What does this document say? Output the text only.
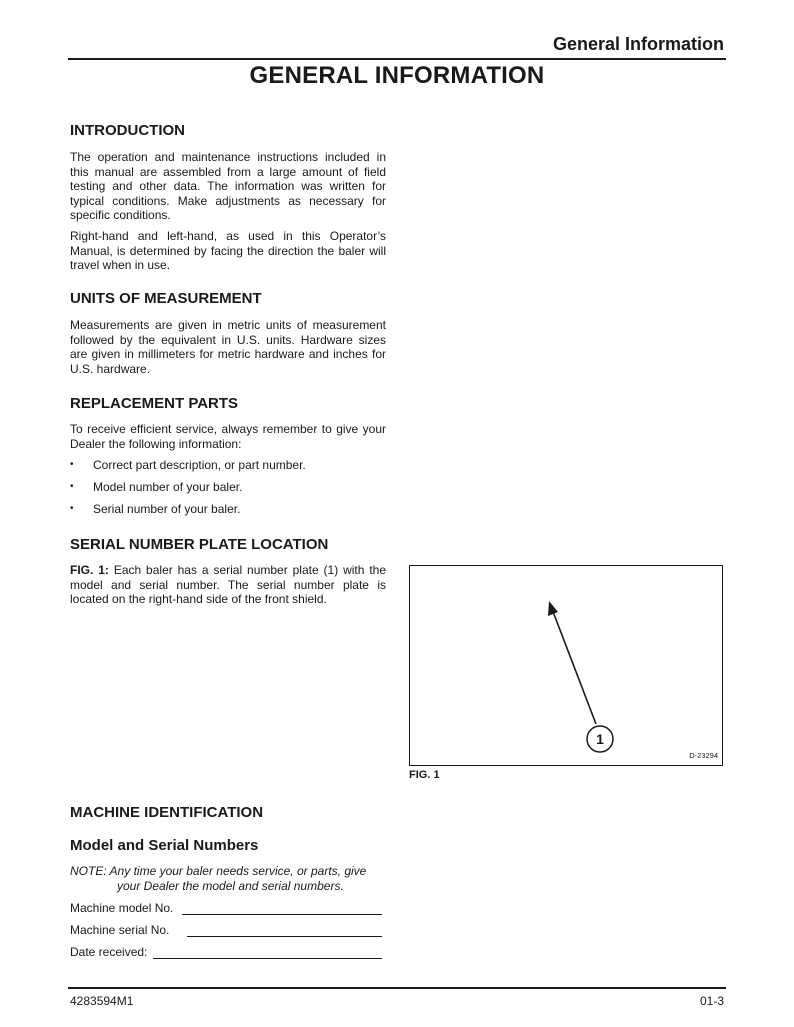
General Information
GENERAL INFORMATION
INTRODUCTION

The operation and maintenance instructions included in this manual are assembled from a large amount of field testing and other data. The information was written for typical conditions. Make adjustments as necessary for specific conditions.

Right-hand and left-hand, as used in this Operator’s Manual, is determined by facing the direction the baler will travel when in use.

UNITS OF MEASUREMENT

Measurements are given in metric units of measurement followed by the equivalent in U.S. units. Hardware sizes are given in millimeters for metric hardware and inches for U.S. hardware.

REPLACEMENT PARTS

To receive efficient service, always remember to give your Dealer the following information:

• Correct part description, or part number.
• Model number of your baler.
• Serial number of your baler.
SERIAL NUMBER PLATE LOCATION

FIG. 1: Each baler has a serial number plate (1) with the model and serial number. The serial number plate is located on the right-hand side of the front shield.

1
D-23294
FIG. 1
MACHINE IDENTIFICATION
Model and Serial Numbers
NOTE: Any time your baler needs service, or parts, give
your Dealer the model and serial numbers.
Machine model No.
Machine serial No.
Date received:
4283594M1	01-3
